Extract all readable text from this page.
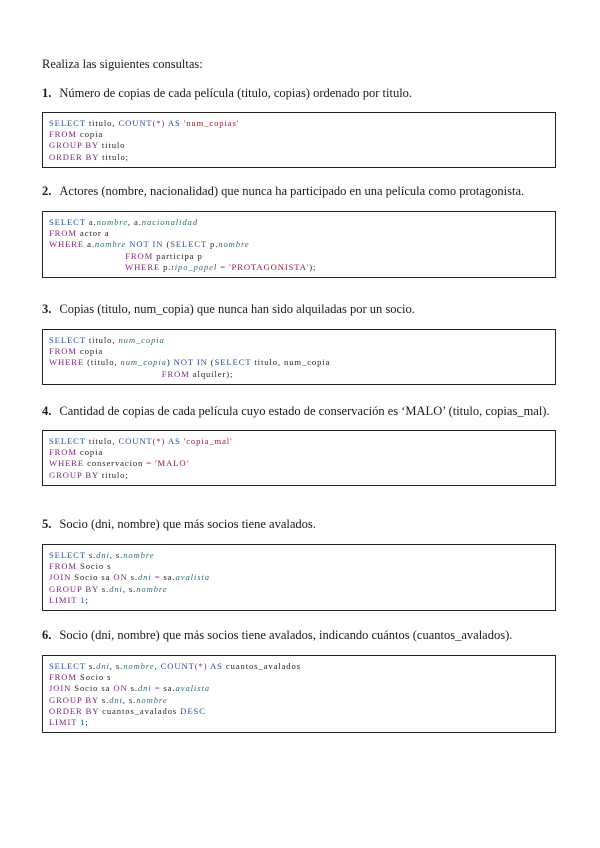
Realiza las siguientes consultas:
1. Número de copias de cada película (titulo, copias) ordenado por titulo.
SELECT titulo, COUNT(*) AS 'num_copias'
FROM copia
GROUP BY titulo
ORDER BY titulo;
2. Actores (nombre, nacionalidad) que nunca ha participado en una película como protagonista.
SELECT a.nombre, a.nacionalidad
FROM actor a
WHERE a.nombre NOT IN (SELECT p.nombre
FROM participa p
WHERE p.tipo_papel = 'PROTAGONISTA');
3. Copias (titulo, num_copia) que nunca han sido alquiladas por un socio.
SELECT titulo, num_copia
FROM copia
WHERE (titulo, num_copia) NOT IN (SELECT titulo, num_copia
FROM alquiler);
4. Cantidad de copias de cada película cuyo estado de conservación es ‘MALO’ (titulo, copias_mal).
SELECT titulo, COUNT(*) AS 'copia_mal'
FROM copia
WHERE conservacion = 'MALO'
GROUP BY titulo;
5. Socio (dni, nombre) que más socios tiene avalados.
SELECT s.dni, s.nombre
FROM Socio s
JOIN Socio sa ON s.dni = sa.avalista
GROUP BY s.dni, s.nombre
LIMIT 1;
6. Socio (dni, nombre) que más socios tiene avalados, indicando cuántos (cuantos_avalados).
SELECT s.dni, s.nombre, COUNT(*) AS cuantos_avalados
FROM Socio s
JOIN Socio sa ON s.dni = sa.avalista
GROUP BY s.dni, s.nombre
ORDER BY cuantos_avalados DESC
LIMIT 1;
